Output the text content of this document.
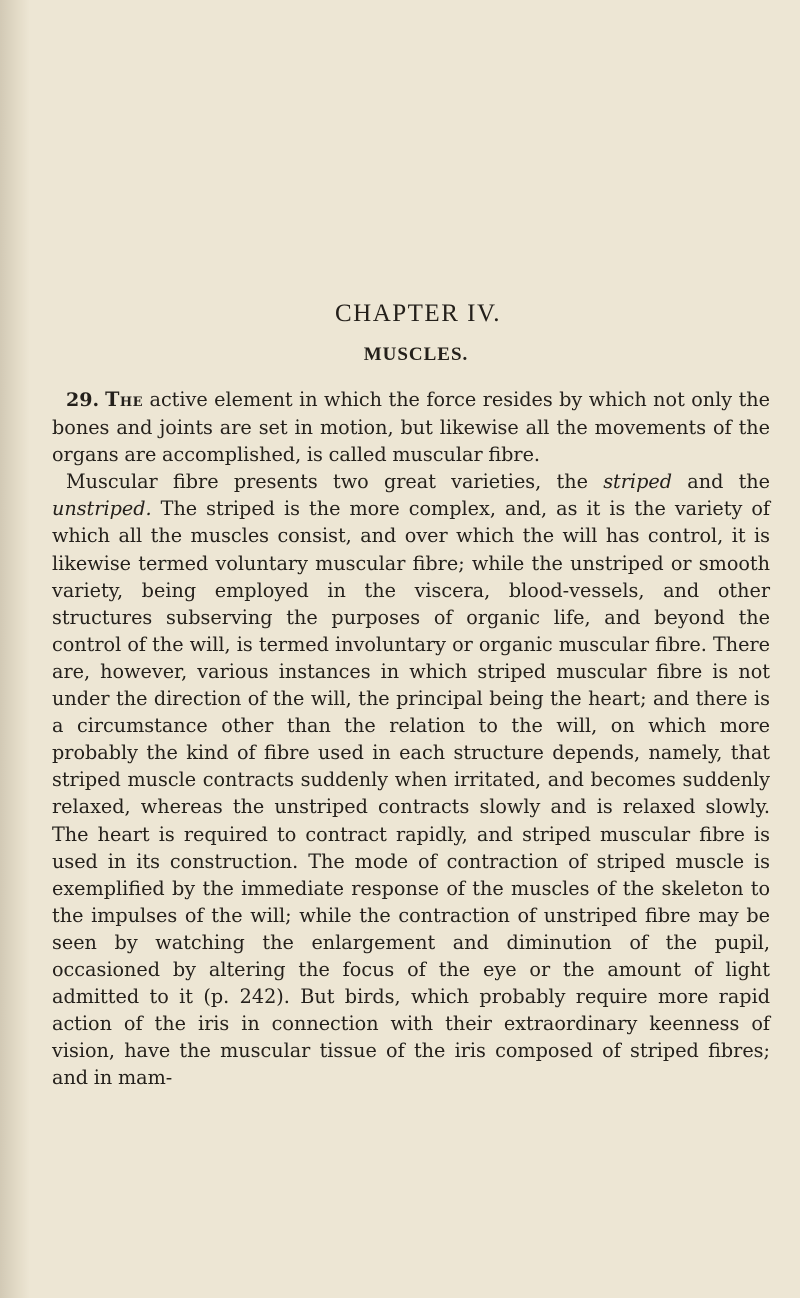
CHAPTER IV.
MUSCLES.

29. The active element in which the force resides by which not only the bones and joints are set in motion, but likewise all the movements of the organs are accomplished, is called muscular fibre.

Muscular fibre presents two great varieties, the striped and the unstriped. The striped is the more complex, and, as it is the variety of which all the muscles consist, and over which the will has control, it is likewise termed voluntary muscular fibre; while the unstriped or smooth variety, being employed in the viscera, blood-vessels, and other structures subserving the purposes of organic life, and beyond the control of the will, is termed involuntary or organic muscular fibre. There are, however, various instances in which striped muscular fibre is not under the direction of the will, the principal being the heart; and there is a circumstance other than the relation to the will, on which more probably the kind of fibre used in each structure depends, namely, that striped muscle contracts suddenly when irritated, and becomes suddenly relaxed, whereas the unstriped contracts slowly and is relaxed slowly. The heart is required to contract rapidly, and striped muscular fibre is used in its construction. The mode of contraction of striped muscle is exemplified by the immediate response of the muscles of the skeleton to the impulses of the will; while the contraction of unstriped fibre may be seen by watching the enlargement and diminution of the pupil, occasioned by altering the focus of the eye or the amount of light admitted to it (p. 242). But birds, which probably require more rapid action of the iris in connection with their extraordinary keenness of vision, have the muscular tissue of the iris composed of striped fibres; and in mam-
